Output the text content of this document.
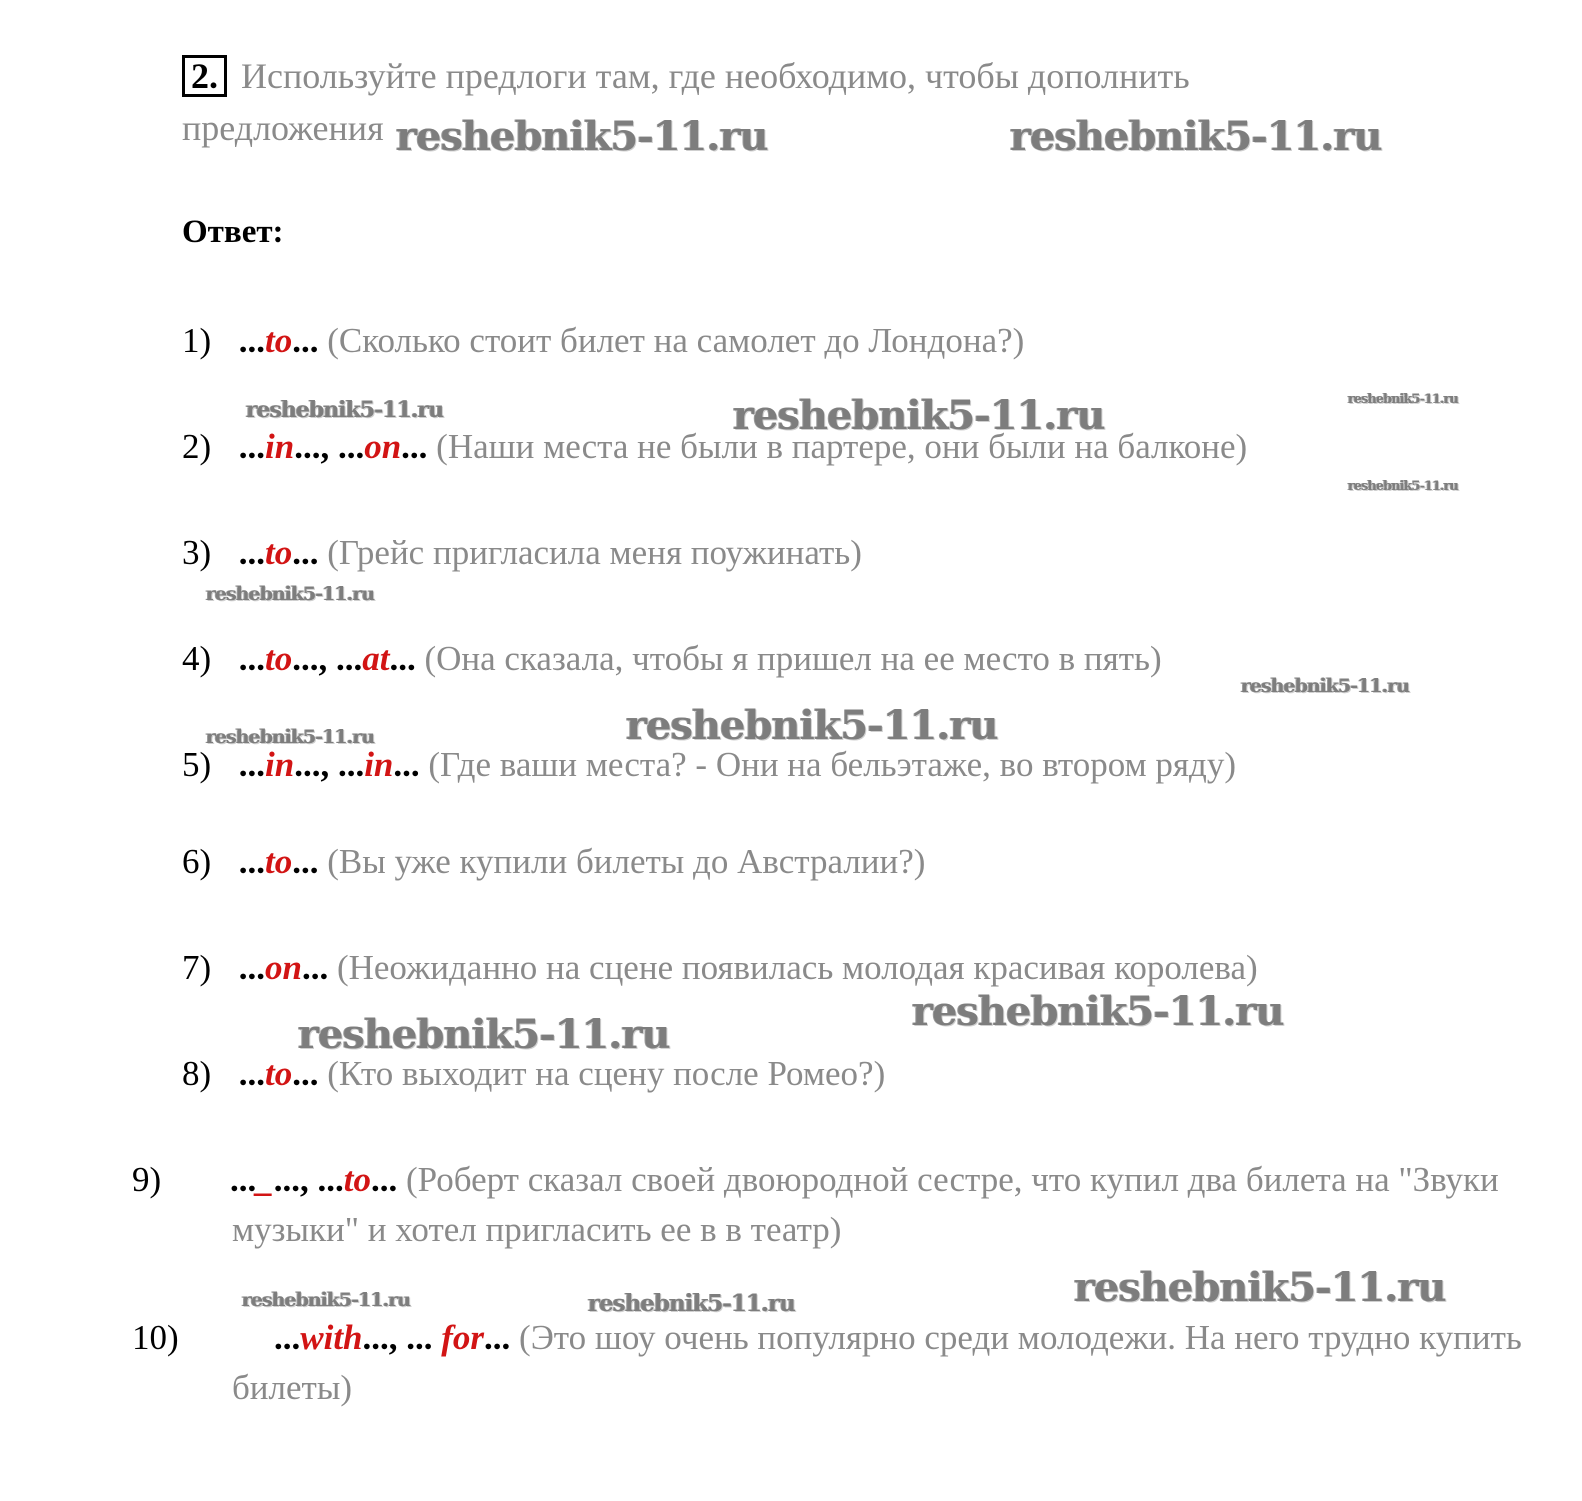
2. Используйте предлоги там, где необходимо, чтобы дополнить
предложения
Ответ:
1) ...to... (Сколько стоит билет на самолет до Лондона?)
2) ...in..., ...on... (Наши места не были в партере, они были на балконе)
3) ...to... (Грейс пригласила меня поужинать)
4) ...to..., ...at... (Она сказала, чтобы я пришел на ее место в пять)
5) ...in..., ...in... (Где ваши места? - Они на бельэтаже, во втором ряду)
6) ...to... (Вы уже купили билеты до Австралии?)
7) ...on... (Неожиданно на сцене появилась молодая красивая королева)
8) ...to... (Кто выходит на сцену после Ромео?)
9) ..._..., ...to... (Роберт сказал своей двоюродной сестре, что купил два билета на "Звуки музыки" и хотел пригласить ее в в театр)
10)	...with..., ... for... (Это шоу очень популярно среди молодежи. На него трудно купить билеты)
reshebnik5-11.ru	reshebnik5-11.ru
reshebnik5-11.ru	reshebnik5-11.ru	reshebnik5-11.ru
reshebnik5-11.ru
reshebnik5-11.ru
reshebnik5-11.ru
reshebnik5-11.ru
reshebnik5-11.ru
reshebnik5-11.ru
reshebnik5-11.ru
reshebnik5-11.ru
reshebnik5-11.ru	reshebnik5-11.ru
